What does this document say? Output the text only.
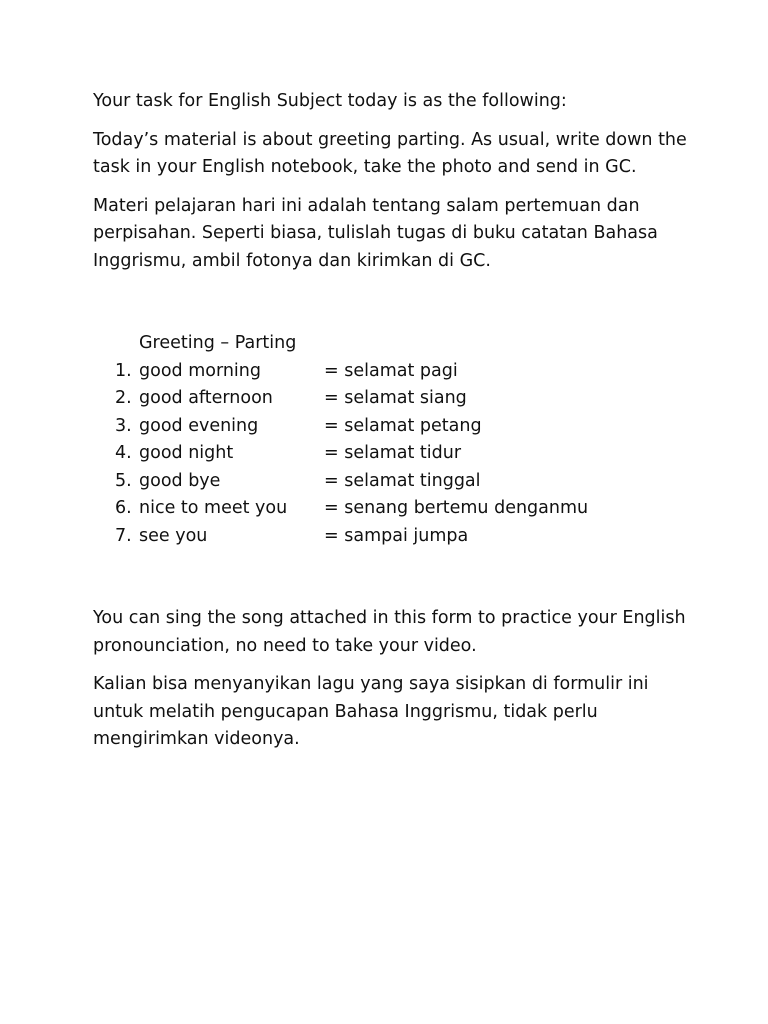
Your task for English Subject today is as the following:

Today’s material is about greeting parting. As usual, write down the task in your English notebook, take the photo and send in GC.

Materi pelajaran hari ini adalah tentang salam pertemuan dan perpisahan. Seperti biasa, tulislah tugas di buku catatan Bahasa Inggrismu, ambil fotonya dan kirimkan di GC.

Greeting – Parting
1. good morning	= selamat pagi
2. good afternoon	= selamat siang
3. good evening	= selamat petang
4. good night	= selamat tidur
5. good bye	= selamat tinggal
6. nice to meet you = senang bertemu denganmu
7. see you	= sampai jumpa

You can sing the song attached in this form to practice your English pronounciation, no need to take your video.

Kalian bisa menyanyikan lagu yang saya sisipkan di formulir ini untuk melatih pengucapan Bahasa Inggrismu, tidak perlu mengirimkan videonya.
